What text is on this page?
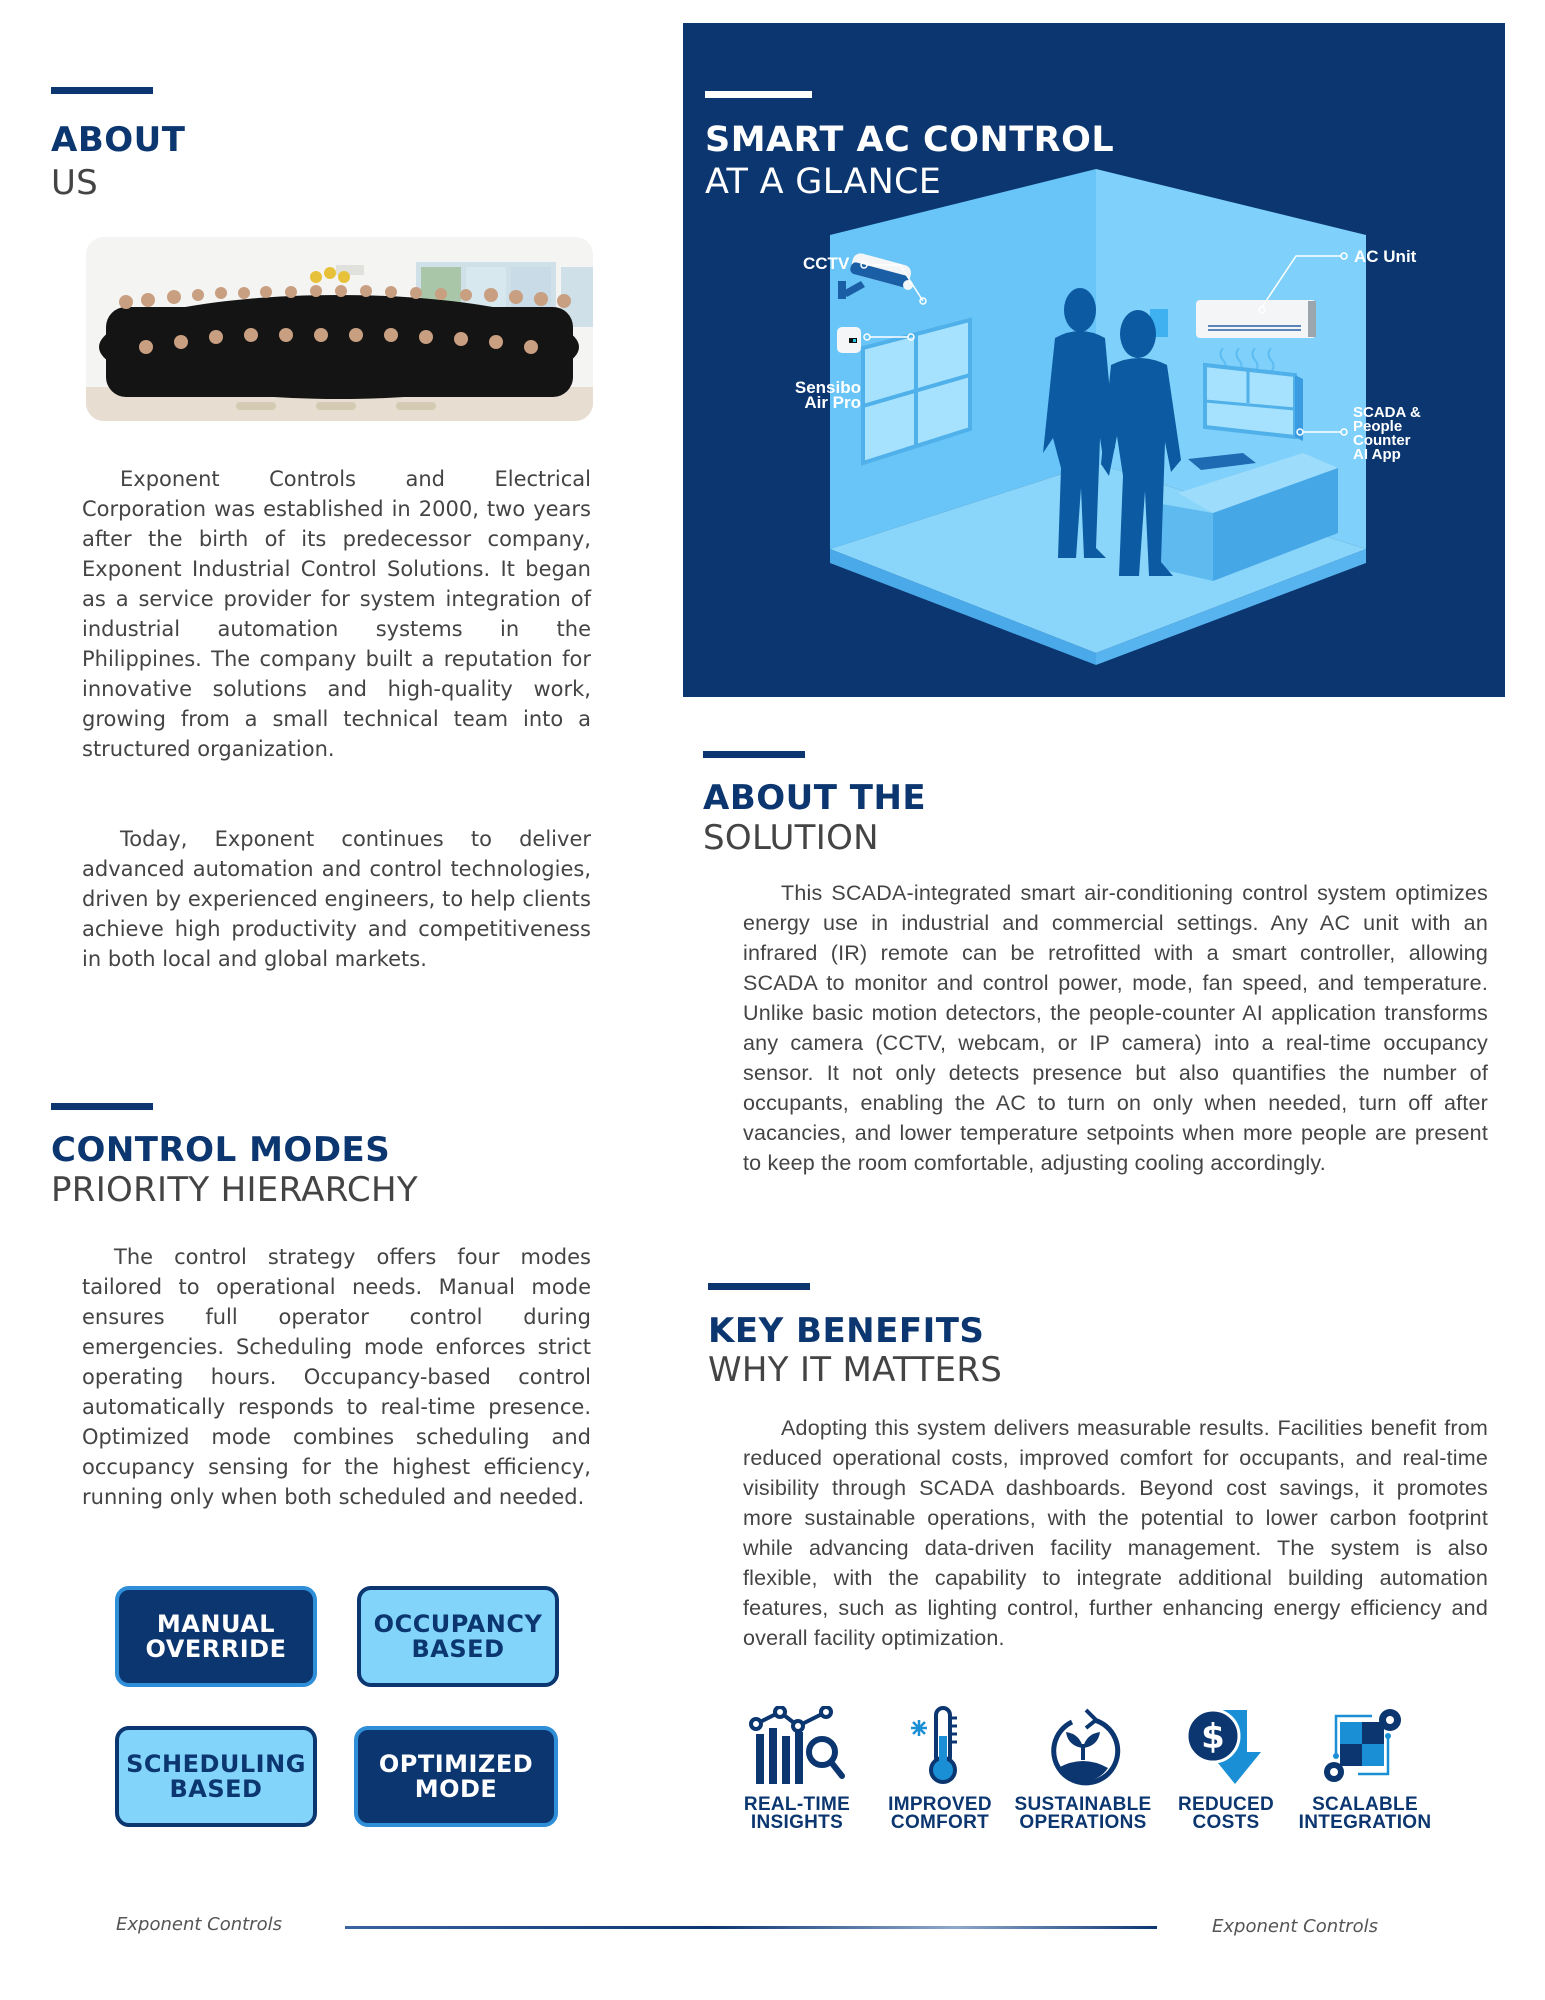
ABOUT
US
Exponent Controls and Electrical Corporation was established in 2000, two years after the birth of its predecessor company, Exponent Industrial Control Solutions. It began as a service provider for system integration of industrial automation systems in the Philippines. The company built a reputation for innovative solutions and high-quality work, growing from a small technical team into a structured organization.
Today, Exponent continues to deliver advanced automation and control technologies, driven by experienced engineers, to help clients achieve high productivity and competitiveness in both local and global markets.
SMART AC CONTROL
AT A GLANCE
CCTV	AC Unit
Sensibo
Air Pro
SCADA &
People
Counter
AI App
ABOUT THE
SOLUTION
This SCADA-integrated smart air-conditioning control system optimizes energy use in industrial and commercial settings. Any AC unit with an infrared (IR) remote can be retrofitted with a smart controller, allowing SCADA to monitor and control power, mode, fan speed, and temperature. Unlike basic motion detectors, the people-counter AI application transforms any camera (CCTV, webcam, or IP camera) into a real-time occupancy sensor. It not only detects presence but also quantifies the number of occupants, enabling the AC to turn on only when needed, turn off after vacancies, and lower temperature setpoints when more people are present to keep the room comfortable, adjusting cooling accordingly.
CONTROL MODES
PRIORITY HIERARCHY
The control strategy offers four modes tailored to operational needs. Manual mode ensures full operator control during emergencies. Scheduling mode enforces strict operating hours. Occupancy-based control automatically responds to real-time presence. Optimized mode combines scheduling and occupancy sensing for the highest efficiency, running only when both scheduled and needed.
MANUAL
OVERRIDE
OCCUPANCY
BASED
SCHEDULING
BASED
OPTIMIZED
MODE
KEY BENEFITS
WHY IT MATTERS
Adopting this system delivers measurable results. Facilities benefit from reduced operational costs, improved comfort for occupants, and real-time visibility through SCADA dashboards. Beyond cost savings, it promotes more sustainable operations, with the potential to lower carbon footprint while advancing data-driven facility management. The system is also flexible, with the capability to integrate additional building automation features, such as lighting control, further enhancing energy efficiency and overall facility optimization.
REAL-TIME
INSIGHTS
IMPROVED
COMFORT
SUSTAINABLE
OPERATIONS
$
REDUCED
COSTS
SCALABLE
INTEGRATION
Exponent Controls	Exponent Controls
